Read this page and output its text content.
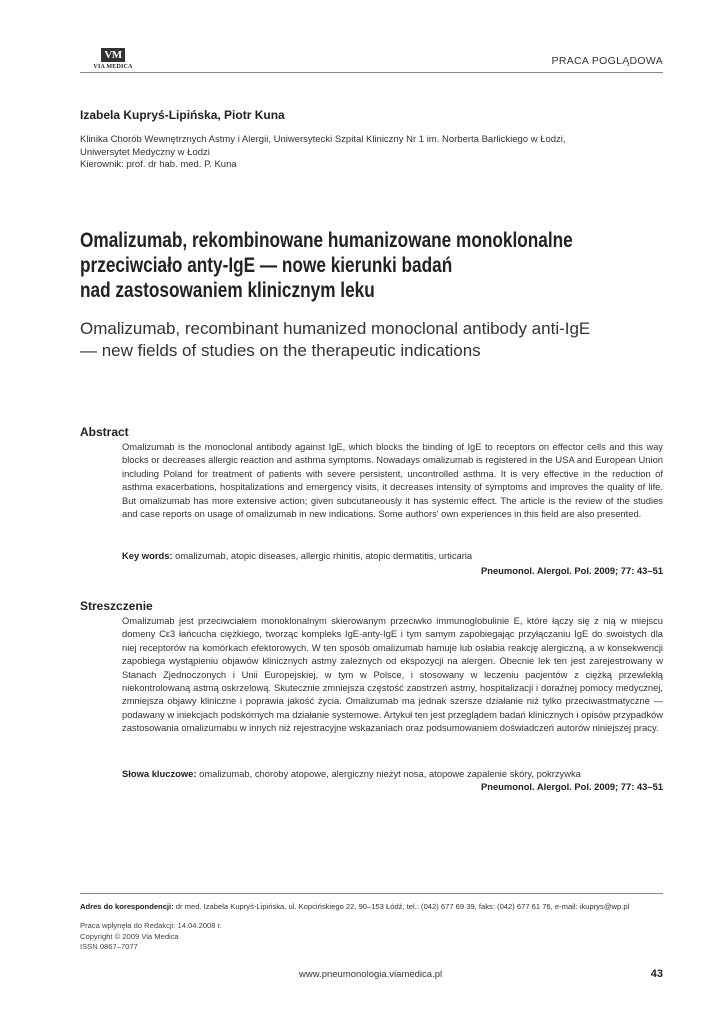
VM
VIA MEDICA	PRACA POGLĄDOWA
Izabela Kupryś-Lipińska, Piotr Kuna
Klinika Chorób Wewnętrznych Astmy i Alergii, Uniwersytecki Szpital Kliniczny Nr 1 im. Norberta Barlickiego w Łodzi,
Uniwersytet Medyczny w Łodzi
Kierownik: prof. dr hab. med. P. Kuna
Omalizumab, rekombinowane humanizowane monoklonalne
przeciwciało anty-IgE — nowe kierunki badań
nad zastosowaniem klinicznym leku
Omalizumab, recombinant humanized monoclonal antibody anti-IgE
— new fields of studies on the therapeutic indications
Abstract
Omalizumab is the monoclonal antibody against IgE, which blocks the binding of IgE to receptors on effector cells and this way blocks or decreases allergic reaction and asthma symptoms. Nowadays omalizumab is registered in the USA and European Union including Poland for treatment of patients with severe persistent, uncontrolled asthma. It is very effective in the reduction of asthma exacerbations, hospitalizations and emergency visits, it decreases intensity of symptoms and improves the quality of life. But omalizumab has more extensive action; given subcutaneously it has systemic effect. The article is the review of the studies and case reports on usage of omalizumab in new indications. Some authors' own experiences in this field are also presented.
Key words: omalizumab, atopic diseases, allergic rhinitis, atopic dermatitis, urticaria
Pneumonol. Alergol. Pol. 2009; 77: 43–51
Streszczenie
Omalizumab jest przeciwciałem monoklonalnym skierowanym przeciwko immunoglobulinie E, które łączy się z nią w miejscu domeny Cε3 łańcucha ciężkiego, tworząc kompleks IgE-anty-IgE i tym samym zapobiegając przyłączaniu IgE do swoistych dla niej receptorów na komórkach efektorowych. W ten sposób omalizumab hamuje lub osłabia reakcję alergiczną, a w konsekwencji zapobiega wystąpieniu objawów klinicznych astmy zależnych od ekspozycji na alergen. Obecnie lek ten jest zarejestrowany w Stanach Zjednoczonych i Unii Europejskiej, w tym w Polsce, i stosowany w leczeniu pacjentów z ciężką przewlekłą niekontrolowaną astmą oskrzelową. Skutecznie zmniejsza częstość zaostrzeń astmy, hospitalizacji i doraźnej pomocy medycznej, zmniejsza objawy kliniczne i poprawia jakość życia. Omalizumab ma jednak szersze działanie niż tylko przeciwastmatyczne — podawany w iniekcjach podskórnych ma działanie systemowe. Artykuł ten jest przeglądem badań klinicznych i opisów przypadków zastosowania omalizumabu w innych niż rejestracyjne wskazaniach oraz podsumowaniem doświadczeń autorów niniejszej pracy.
Słowa kluczowe: omalizumab, choroby atopowe, alergiczny nieżyt nosa, atopowe zapalenie skóry, pokrzywka
Pneumonol. Alergol. Pol. 2009; 77: 43–51
Adres do korespondencji: dr med. Izabela Kupryś-Lipińska, ul. Kopcińskiego 22, 90–153 Łódź, tel.: (042) 677 69 39, faks: (042) 677 61 76, e-mail: ikuprys@wp.pl
Praca wpłynęła do Redakcji: 14.04.2008 r.
Copyright © 2009 Via Medica
ISSN 0867–7077
www.pneumonologia.viamedica.pl	43
